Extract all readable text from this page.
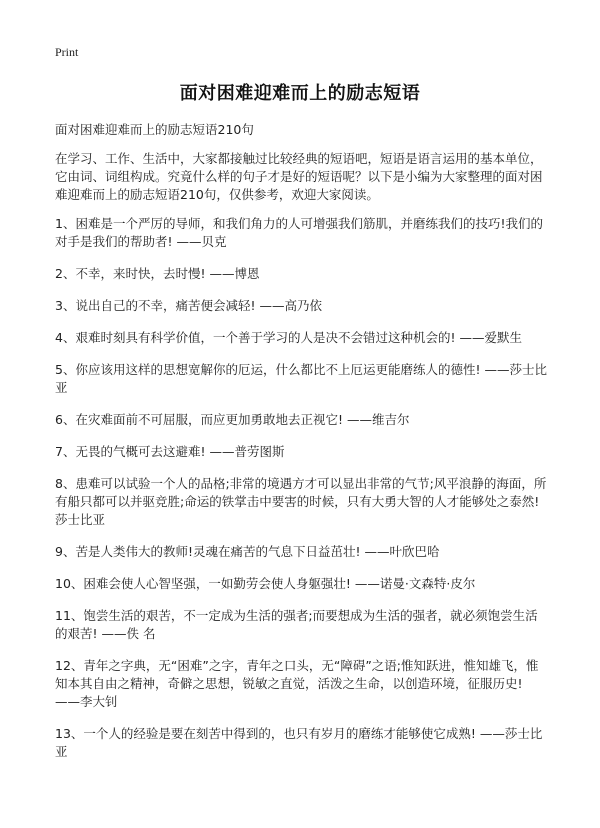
Print
面对困难迎难而上的励志短语
面对困难迎难而上的励志短语210句

在学习、工作、生活中，大家都接触过比较经典的短语吧，短语是语言运用的基本单位，它由词、词组构成。究竟什么样的句子才是好的短语呢？以下是小编为大家整理的面对困难迎难而上的励志短语210句，仅供参考，欢迎大家阅读。

1、困难是一个严厉的导师，和我们角力的人可增强我们筋肌，并磨练我们的技巧!我们的对手是我们的帮助者! ——贝克
2、不幸，来时快，去时慢! ——博恩
3、说出自己的不幸，痛苦便会减轻! ——高乃依
4、艰难时刻具有科学价值，一个善于学习的人是决不会错过这种机会的! ——爱默生
5、你应该用这样的思想宽解你的厄运，什么都比不上厄运更能磨练人的德性! ——莎士比亚
6、在灾难面前不可屈服，而应更加勇敢地去正视它! ——维吉尔
7、无畏的气概可去这避难! ——普劳图斯
8、患难可以试验一个人的品格;非常的境遇方才可以显出非常的气节;风平浪静的海面，所有船只都可以并驱竞胜;命运的铁掌击中要害的时候，只有大勇大智的人才能够处之泰然! 莎士比亚
9、苦是人类伟大的教师!灵魂在痛苦的气息下日益茁壮! ——叶欣巴哈
10、困难会使人心智坚强，一如勤劳会使人身躯强壮! ——诺曼·文森特·皮尔
11、饱尝生活的艰苦，不一定成为生活的强者;而要想成为生活的强者，就必须饱尝生活的艰苦! ——佚 名
12、青年之字典，无“困难”之字，青年之口头，无“障碍”之语;惟知跃进，惟知雄飞，惟知本其自由之精神，奇僻之思想，锐敏之直觉，活泼之生命，以创造环境，征服历史! ——李大钊
13、一个人的经验是要在刻苦中得到的，也只有岁月的磨练才能够使它成熟! ——莎士比亚
